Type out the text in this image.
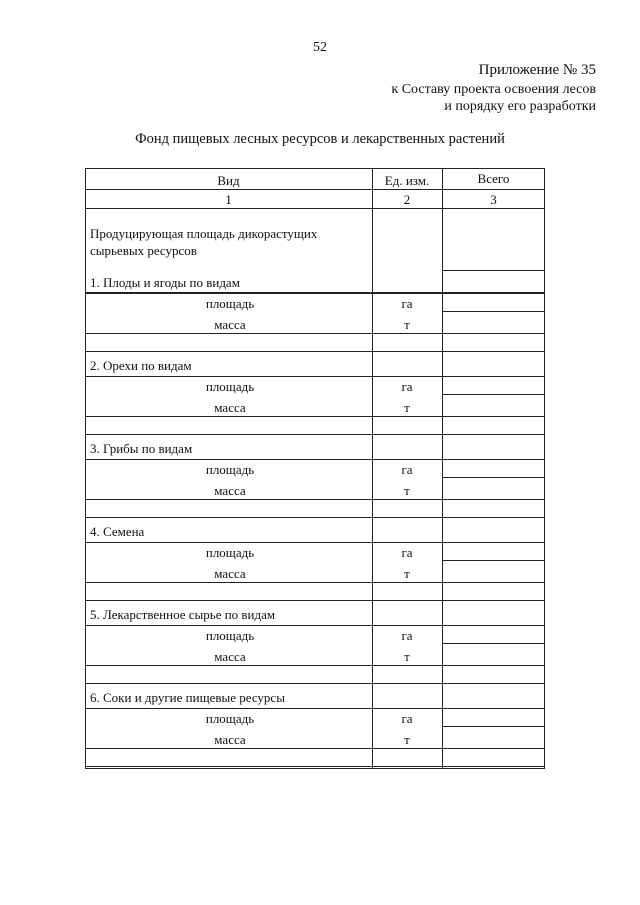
52
Приложение № 35
к Составу проекта освоения лесов
и порядку его разработки
Фонд пищевых лесных ресурсов и лекарственных растений
Вид	Ед. изм.	Всего
1	2	3
Продуцирующая площадь дикорастущих
сырьевых ресурсов
1. Плоды и ягоды по видам
площадь	га
масса	т
2. Орехи по видам
площадь	га
масса	т
3. Грибы по видам
площадь	га
масса	т
4. Семена
площадь	га
масса	т
5. Лекарственное сырье по видам
площадь	га
масса	т
6. Соки и другие пищевые ресурсы
площадь	га
масса	т
